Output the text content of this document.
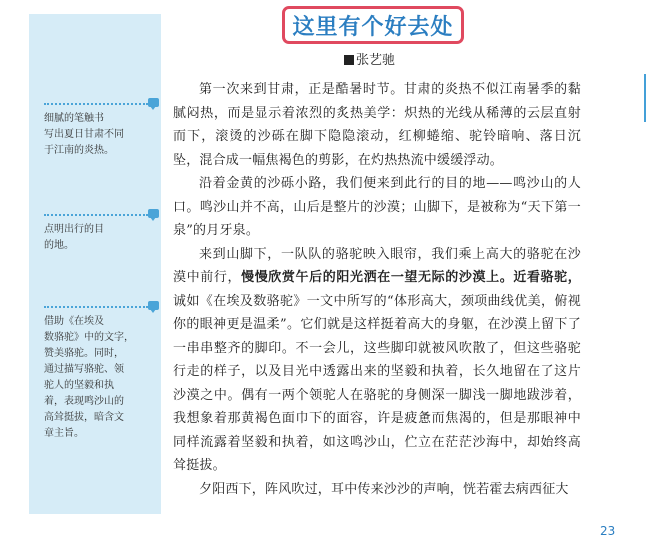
细腻的笔触书
写出夏日甘肃不同
于江南的炎热。
点明出行的目
的地。
借助《在埃及
数骆驼》中的文字，
赞美骆驼。同时，
通过描写骆驼、领
驼人的坚毅和执
着，表现鸣沙山的
高耸挺拔，暗含文
章主旨。
这里有个好去处
张艺驰

第一次来到甘肃，正是酷暑时节。甘肃的炎热不似江南暑季的黏腻闷热，而是显示着浓烈的炙热美学：炽热的光线从稀薄的云层直射而下，滚烫的沙砾在脚下隐隐滚动，红柳蜷缩、驼铃暗响、落日沉坠，混合成一幅焦褐色的剪影，在灼热热流中缓缓浮动。

沿着金黄的沙砾小路，我们便来到此行的目的地——鸣沙山的人口。鸣沙山并不高，山后是整片的沙漠；山脚下，是被称为“天下第一泉”的月牙泉。

来到山脚下，一队队的骆驼映入眼帘，我们乘上高大的骆驼在沙漠中前行，慢慢欣赏午后的阳光洒在一望无际的沙漠上。近看骆驼，诚如《在埃及数骆驼》一文中所写的“体形高大，颈项曲线优美，俯视你的眼神更是温柔”。它们就是这样挺着高大的身躯，在沙漠上留下了一串串整齐的脚印。不一会儿，这些脚印就被风吹散了，但这些骆驼行走的样子，以及目光中透露出来的坚毅和执着，长久地留在了这片沙漠之中。偶有一两个领驼人在骆驼的身侧深一脚浅一脚地跋涉着，我想象着那黄褐色面巾下的面容，许是疲惫而焦渴的，但是那眼神中同样流露着坚毅和执着，如这鸣沙山，伫立在茫茫沙海中，却始终高耸挺拔。

夕阳西下，阵风吹过，耳中传来沙沙的声响，恍若霍去病西征大

23
